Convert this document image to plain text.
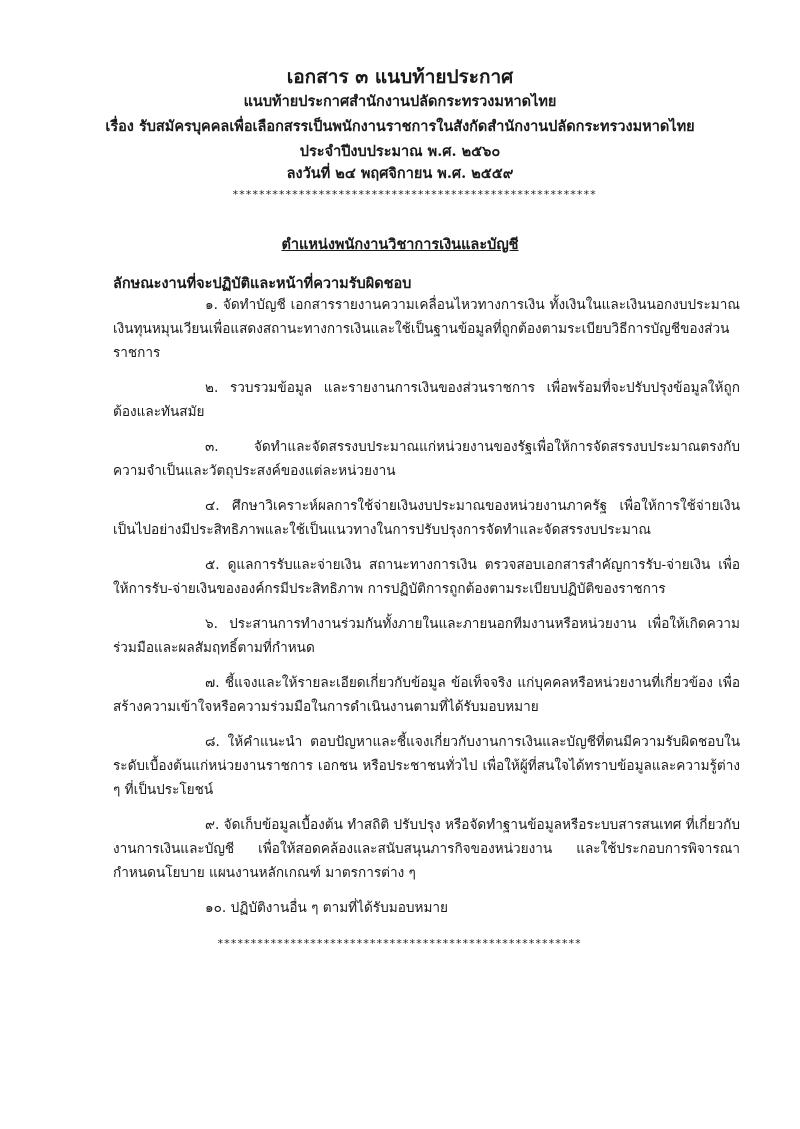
เอกสาร ๓ แนบท้ายประกาศ
แนบท้ายประกาศสำนักงานปลัดกระทรวงมหาดไทย
เรื่อง รับสมัครบุคคลเพื่อเลือกสรรเป็นพนักงานราชการในสังกัดสำนักงานปลัดกระทรวงมหาดไทย
ประจำปีงบประมาณ พ.ศ. ๒๕๖๐
ลงวันที่ ๒๔ พฤศจิกายน พ.ศ. ๒๕๕๙
*******************************************************
ตำแหน่งพนักงานวิชาการเงินและบัญชี
ลักษณะงานที่จะปฏิบัติและหน้าที่ความรับผิดชอบ
๑. จัดทำบัญชี เอกสารรายงานความเคลื่อนไหวทางการเงิน ทั้งเงินในและเงินนอกงบประมาณ เงินทุนหมุนเวียนเพื่อแสดงสถานะทางการเงินและใช้เป็นฐานข้อมูลที่ถูกต้องตามระเบียบวิธีการบัญชีของส่วนราชการ
๒. รวบรวมข้อมูล และรายงานการเงินของส่วนราชการ เพื่อพร้อมที่จะปรับปรุงข้อมูลให้ถูกต้องและทันสมัย
๓.	จัดทำและจัดสรรงบประมาณแก่หน่วยงานของรัฐเพื่อให้การจัดสรรงบประมาณตรงกับความจำเป็นและวัตถุประสงค์ของแต่ละหน่วยงาน
๔. ศึกษาวิเคราะห์ผลการใช้จ่ายเงินงบประมาณของหน่วยงานภาครัฐ เพื่อให้การใช้จ่ายเงินเป็นไปอย่างมีประสิทธิภาพและใช้เป็นแนวทางในการปรับปรุงการจัดทำและจัดสรรงบประมาณ
๕. ดูแลการรับและจ่ายเงิน สถานะทางการเงิน ตรวจสอบเอกสารสำคัญการรับ-จ่ายเงิน เพื่อให้การรับ-จ่ายเงินขององค์กรมีประสิทธิภาพ การปฏิบัติการถูกต้องตามระเบียบปฏิบัติของราชการ
๖. ประสานการทำงานร่วมกันทั้งภายในและภายนอกทีมงานหรือหน่วยงาน เพื่อให้เกิดความร่วมมือและผลสัมฤทธิ์ตามที่กำหนด
๗. ชี้แจงและให้รายละเอียดเกี่ยวกับข้อมูล ข้อเท็จจริง แก่บุคคลหรือหน่วยงานที่เกี่ยวข้อง เพื่อสร้างความเข้าใจหรือความร่วมมือในการดำเนินงานตามที่ได้รับมอบหมาย
๘. ให้คำแนะนำ ตอบปัญหาและชี้แจงเกี่ยวกับงานการเงินและบัญชีที่ตนมีความรับผิดชอบในระดับเบื้องต้นแก่หน่วยงานราชการ เอกชน หรือประชาชนทั่วไป เพื่อให้ผู้ที่สนใจได้ทราบข้อมูลและความรู้ต่าง ๆ ที่เป็นประโยชน์
๙. จัดเก็บข้อมูลเบื้องต้น ทำสถิติ ปรับปรุง หรือจัดทำฐานข้อมูลหรือระบบสารสนเทศ ที่เกี่ยวกับงานการเงินและบัญชี เพื่อให้สอดคล้องและสนับสนุนภารกิจของหน่วยงาน และใช้ประกอบการพิจารณากำหนดนโยบาย แผนงานหลักเกณฑ์ มาตรการต่าง ๆ
๑๐. ปฏิบัติงานอื่น ๆ ตามที่ได้รับมอบหมาย
*******************************************************
